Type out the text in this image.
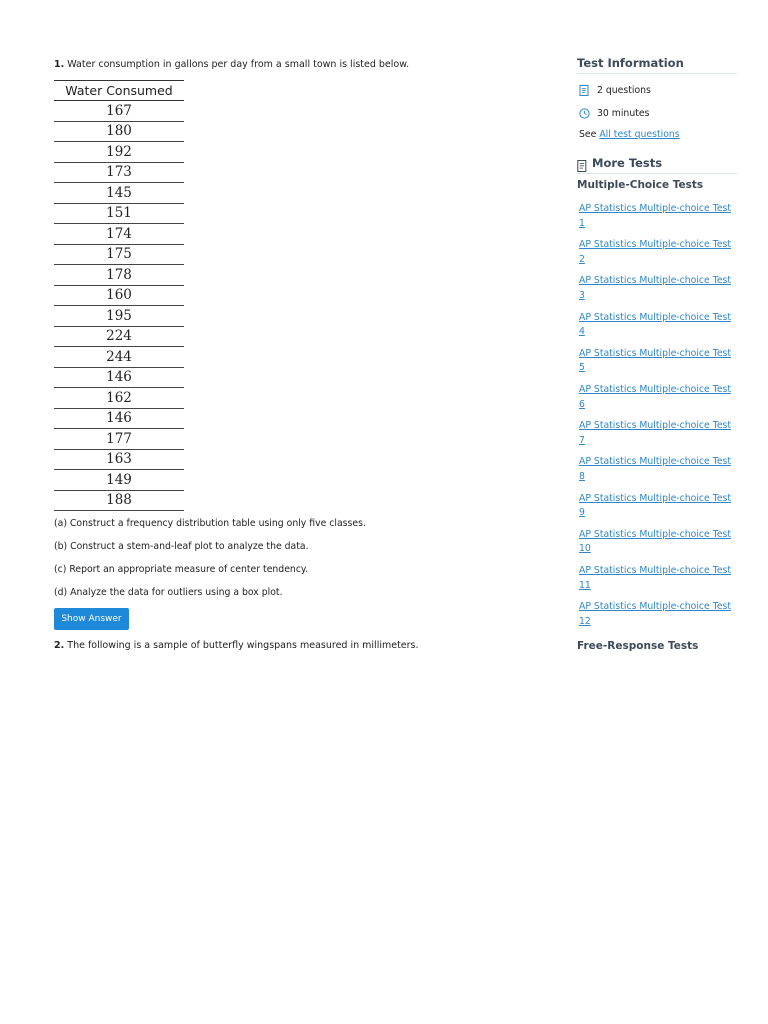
1. Water consumption in gallons per day from a small town is listed below.

Water Consumed
167
180
192
173
145
151
174
175
178
160
195
224
244
146
162
146
177
163
149
188

(a) Construct a frequency distribution table using only five classes.

(b) Construct a stem-and-leaf plot to analyze the data.

(c) Report an appropriate measure of center tendency.

(d) Analyze the data for outliers using a box plot.

Show Answer

2. The following is a sample of butterfly wingspans measured in millimeters.

Test Information

2 questions
30 minutes
See All test questions
More Tests

Multiple-Choice Tests

AP Statistics Multiple-choice Test
1
AP Statistics Multiple-choice Test
2
AP Statistics Multiple-choice Test
3
AP Statistics Multiple-choice Test
4
AP Statistics Multiple-choice Test
5
AP Statistics Multiple-choice Test
6
AP Statistics Multiple-choice Test
7
AP Statistics Multiple-choice Test
8
AP Statistics Multiple-choice Test
9
AP Statistics Multiple-choice Test
10
AP Statistics Multiple-choice Test
11
AP Statistics Multiple-choice Test
12

Free-Response Tests
